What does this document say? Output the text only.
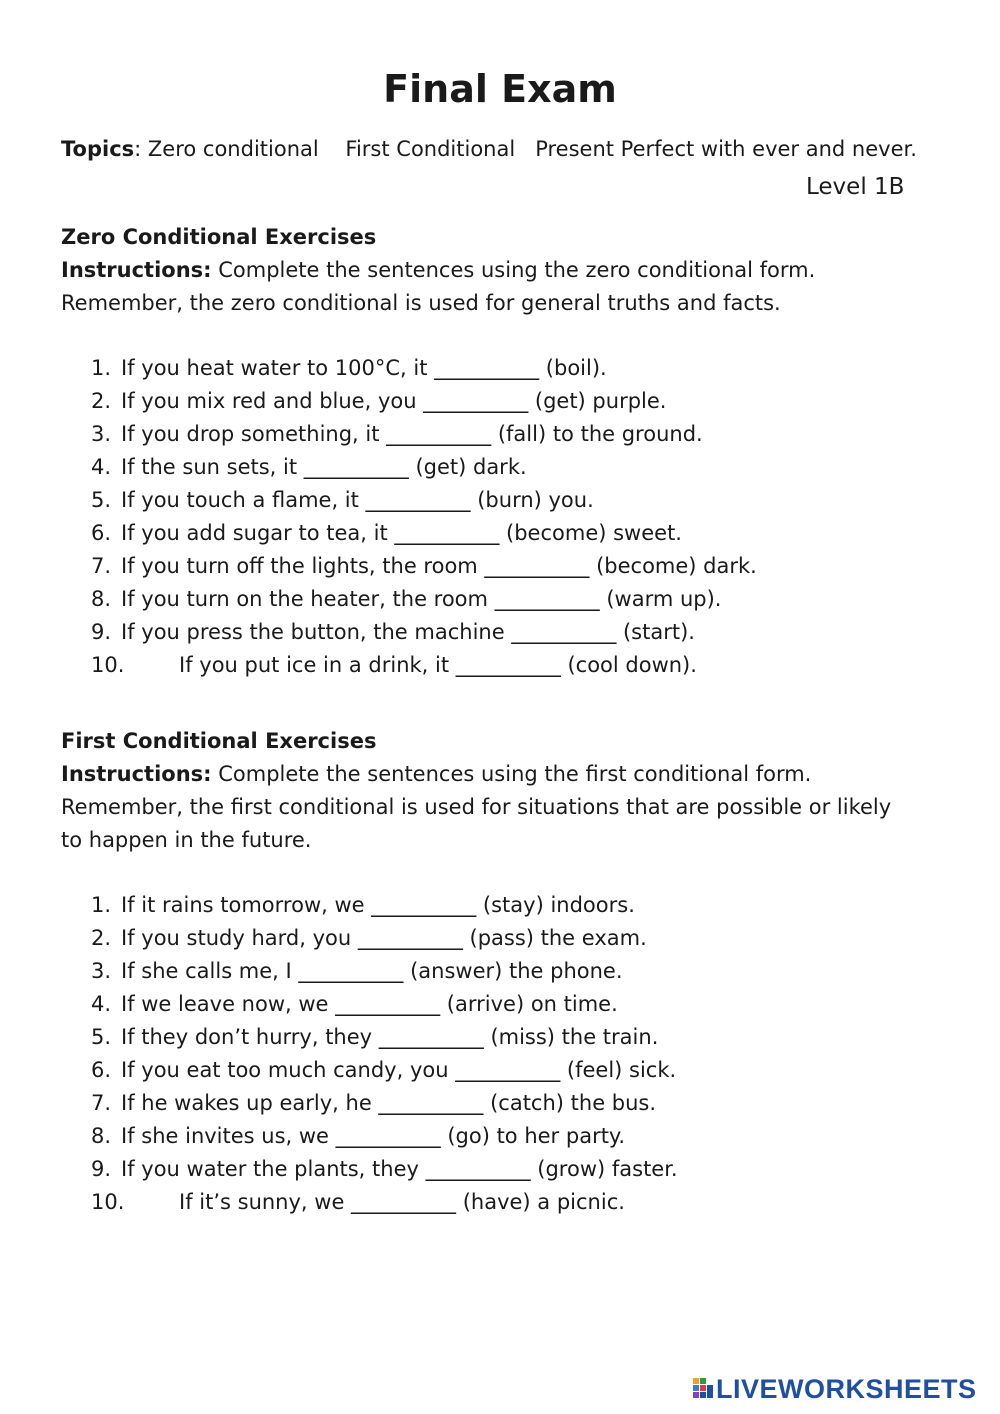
Final Exam

Topics: Zero conditional    First Conditional   Present Perfect with ever and never.

Level 1B

Zero Conditional Exercises

Instructions: Complete the sentences using the zero conditional form.

Remember, the zero conditional is used for general truths and facts.

1. If you heat water to 100°C, it __________ (boil).
2. If you mix red and blue, you __________ (get) purple.
3. If you drop something, it __________ (fall) to the ground.
4. If the sun sets, it __________ (get) dark.
5. If you touch a flame, it __________ (burn) you.
6. If you add sugar to tea, it __________ (become) sweet.
7. If you turn off the lights, the room __________ (become) dark.
8. If you turn on the heater, the room __________ (warm up).
9. If you press the button, the machine __________ (start).
10.	If you put ice in a drink, it __________ (cool down).

First Conditional Exercises

Instructions: Complete the sentences using the first conditional form.

Remember, the first conditional is used for situations that are possible or likely

to happen in the future.

1. If it rains tomorrow, we __________ (stay) indoors.
2. If you study hard, you __________ (pass) the exam.
3. If she calls me, I __________ (answer) the phone.
4. If we leave now, we __________ (arrive) on time.
5. If they don’t hurry, they __________ (miss) the train.
6. If you eat too much candy, you __________ (feel) sick.
7. If he wakes up early, he __________ (catch) the bus.
8. If she invites us, we __________ (go) to her party.
9. If you water the plants, they __________ (grow) faster.
10.	If it’s sunny, we __________ (have) a picnic.
LIVEWORKSHEETS
